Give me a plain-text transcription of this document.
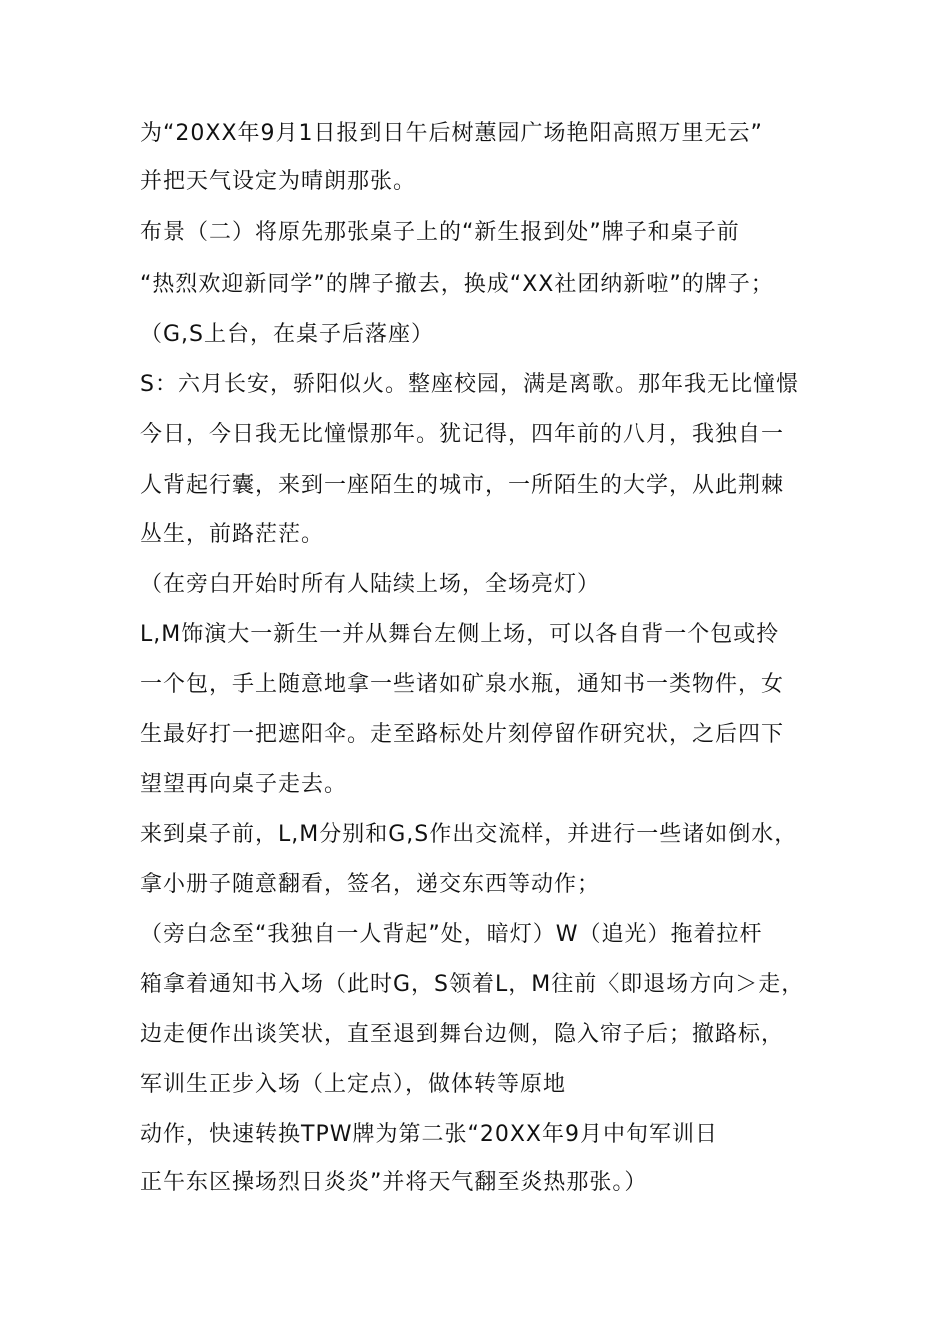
为“20XX年9月1日报到日午后树蕙园广场艳阳高照万里无云”
并把天气设定为晴朗那张。
布景（二）将原先那张桌子上的“新生报到处”牌子和桌子前
“热烈欢迎新同学”的牌子撤去，换成“XX社团纳新啦”的牌子；
（G,S上台，在桌子后落座）
S：六月长安，骄阳似火。整座校园，满是离歌。那年我无比憧憬
今日，今日我无比憧憬那年。犹记得，四年前的八月，我独自一
人背起行囊，来到一座陌生的城市，一所陌生的大学，从此荆棘
丛生，前路茫茫。
（在旁白开始时所有人陆续上场，全场亮灯）
L,M饰演大一新生一并从舞台左侧上场，可以各自背一个包或拎
一个包，手上随意地拿一些诸如矿泉水瓶，通知书一类物件，女
生最好打一把遮阳伞。走至路标处片刻停留作研究状，之后四下
望望再向桌子走去。
来到桌子前，L,M分别和G,S作出交流样，并进行一些诸如倒水，
拿小册子随意翻看，签名，递交东西等动作；
（旁白念至“我独自一人背起”处，暗灯）W（追光）拖着拉杆
箱拿着通知书入场（此时G，S领着L，M往前〈即退场方向＞走，
边走便作出谈笑状，直至退到舞台边侧，隐入帘子后；撤路标，
军训生正步入场（上定点），做体转等原地
动作，快速转换TPW牌为第二张“20XX年9月中旬军训日
正午东区操场烈日炎炎”并将天气翻至炎热那张。）
